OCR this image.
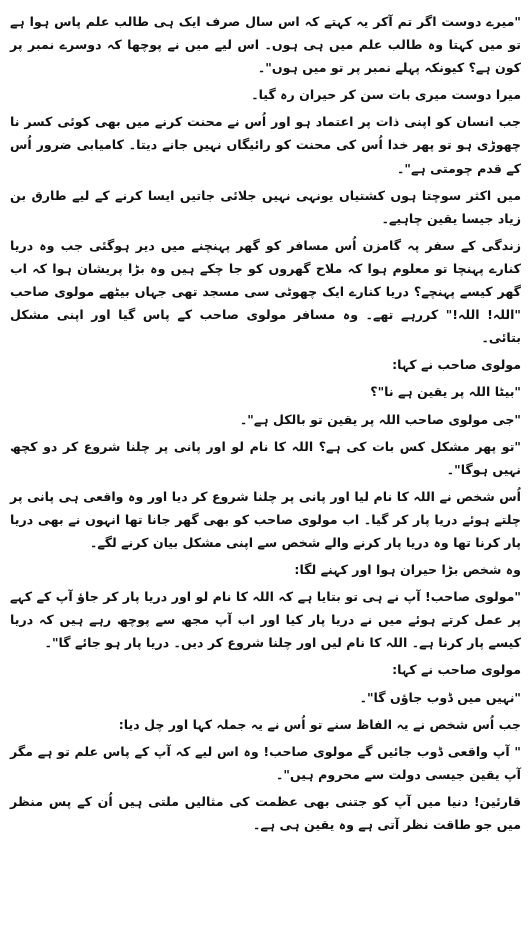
"میرے دوست اگر تم آکر یہ کہتے کہ اس سال صرف ایک ہی طالب علم پاس ہوا ہے تو میں کہتا وہ طالب علم میں ہی ہوں۔ اس لیے میں نے پوچھا کہ دوسرے نمبر پر کون ہے؟ کیونکہ پہلے نمبر پر تو میں ہوں"۔

میرا دوست میری بات سن کر حیران رہ گیا۔

جب انسان کو اپنی ذات پر اعتماد ہو اور اُس نے محنت کرنے میں بھی کوئی کسر نا چھوڑی ہو تو پھر خدا اُس کی محنت کو رائیگاں نہیں جانے دیتا۔ کامیابی ضرور اُس کے قدم چومتی ہے"۔

میں اکثر سوچتا ہوں کشتیاں یونہی نہیں جلائی جاتیں ایسا کرنے کے لیے طارق بن زیاد جیسا یقین چاہیے۔

زندگی کے سفر پہ گامزن اُس مسافر کو گھر پہنچنے میں دیر ہوگئی جب وہ دریا کنارے پہنچا تو معلوم ہوا کہ ملاح گھروں کو جا چکے ہیں وہ بڑا پریشان ہوا کہ اب گھر کیسے پہنچے؟ دریا کنارے ایک چھوٹی سی مسجد تھی جہاں بیٹھے مولوی صاحب "اللہ! اللہ!" کررہے تھے۔ وہ مسافر مولوی صاحب کے پاس گیا اور اپنی مشکل بتائی۔

مولوی صاحب نے کہا:

"بیٹا اللہ پر یقین ہے نا"؟

"جی مولوی صاحب اللہ پر یقین تو بالکل ہے"۔

"تو پھر مشکل کس بات کی ہے؟ اللہ کا نام لو اور پانی پر چلنا شروع کر دو کچھ نہیں ہوگا"۔

اُس شخص نے اللہ کا نام لیا اور پانی پر چلنا شروع کر دیا اور وہ واقعی ہی پانی پر چلتے ہوئے دریا پار کر گیا۔ اب مولوی صاحب کو بھی گھر جانا تھا انہوں نے بھی دریا پار کرنا تھا وہ دریا پار کرنے والے شخص سے اپنی مشکل بیان کرنے لگے۔

وہ شخص بڑا حیران ہوا اور کہنے لگا:

"مولوی صاحب! آپ نے ہی تو بتایا ہے کہ اللہ کا نام لو اور دریا پار کر جاؤ آپ کے کہے پر عمل کرتے ہوئے میں نے دریا پار کیا اور اب آپ مجھ سے پوچھ رہے ہیں کہ دریا کیسے پار کرنا ہے۔ اللہ کا نام لیں اور چلنا شروع کر دیں۔ دریا پار ہو جائے گا"۔

مولوی صاحب نے کہا:

"نہیں میں ڈوب جاؤں گا"۔

جب اُس شخص نے یہ الفاظ سنے تو اُس نے یہ جملہ کہا اور چل دیا:

" آپ واقعی ڈوب جائیں گے مولوی صاحب! وہ اس لیے کہ آپ کے پاس علم تو ہے مگر آپ یقین جیسی دولت سے محروم ہیں"۔

قارئین! دنیا میں آپ کو جتنی بھی عظمت کی مثالیں ملتی ہیں اُن کے پس منظر میں جو طاقت نظر آتی ہے وہ یقین ہی ہے۔
